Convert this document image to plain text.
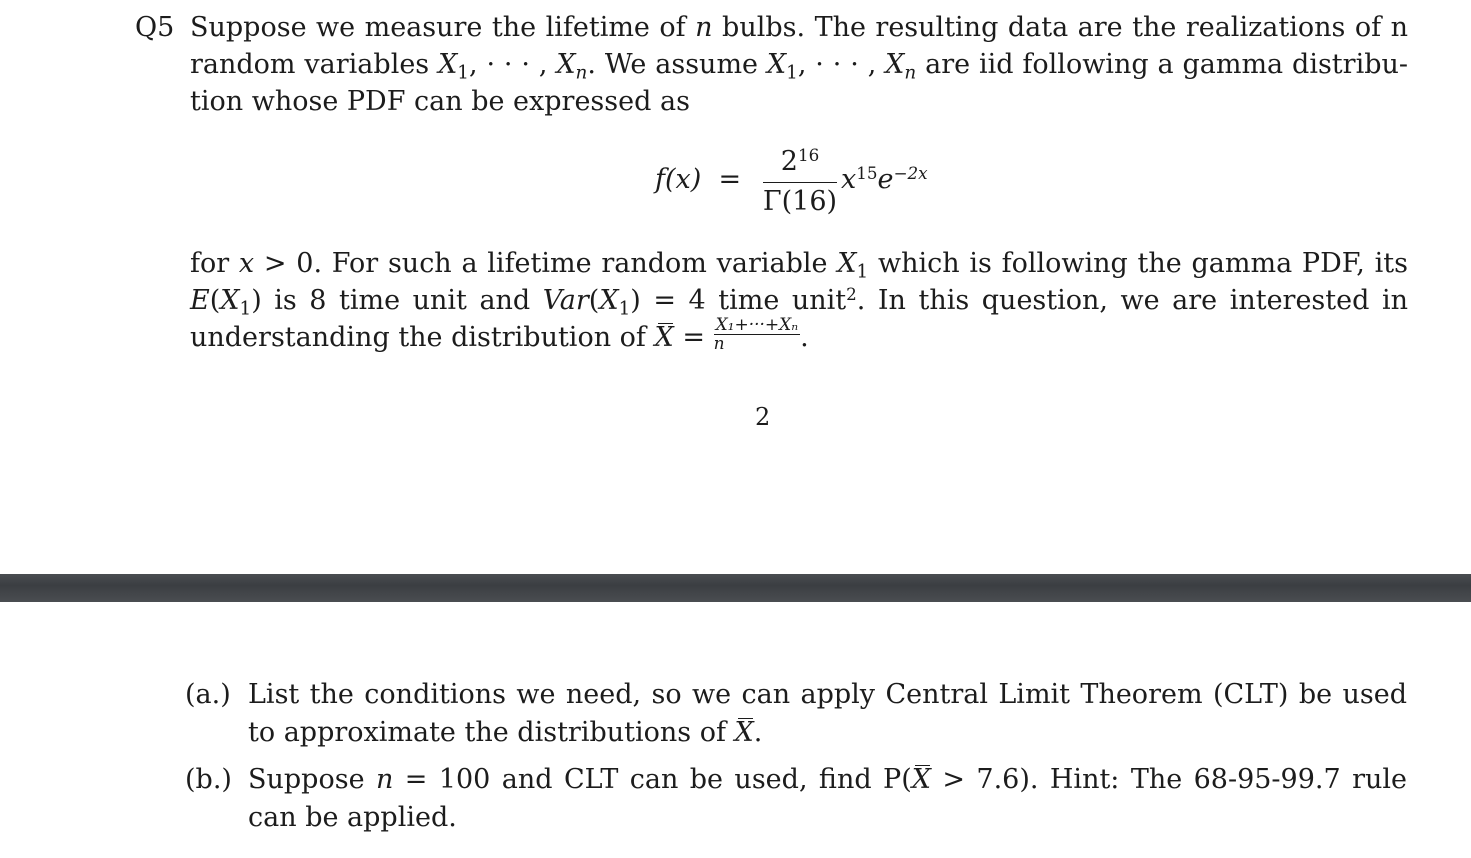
Q5 Suppose we measure the lifetime of n bulbs. The resulting data are the realizations of n
random variables $X_1$, · · · , $X_n$. We assume $X_1$, · · · , $X_n$ are iid following a gamma distribu-
tion whose PDF can be expressed as
f(x) =
$2^{16}$
Γ(16)
$x^{15}e^{-2x}$
for x > 0. For such a lifetime random variable $X_1$ which is following the gamma PDF, its
$E(X_1)$ is 8 time unit and $Var(X_1) = 4$ time unit$^2$. In this question, we are interested in
understanding the distribution of $X = \frac{\text{X₁+···+Xₙ}}{n}$ .
2
(a.) List the conditions we need, so we can apply Central Limit Theorem (CLT) be used
to approximate the distributions of X.
(b.) Suppose n = 100 and CLT can be used, find P(X > 7.6). Hint: The 68-95-99.7 rule
can be applied.
